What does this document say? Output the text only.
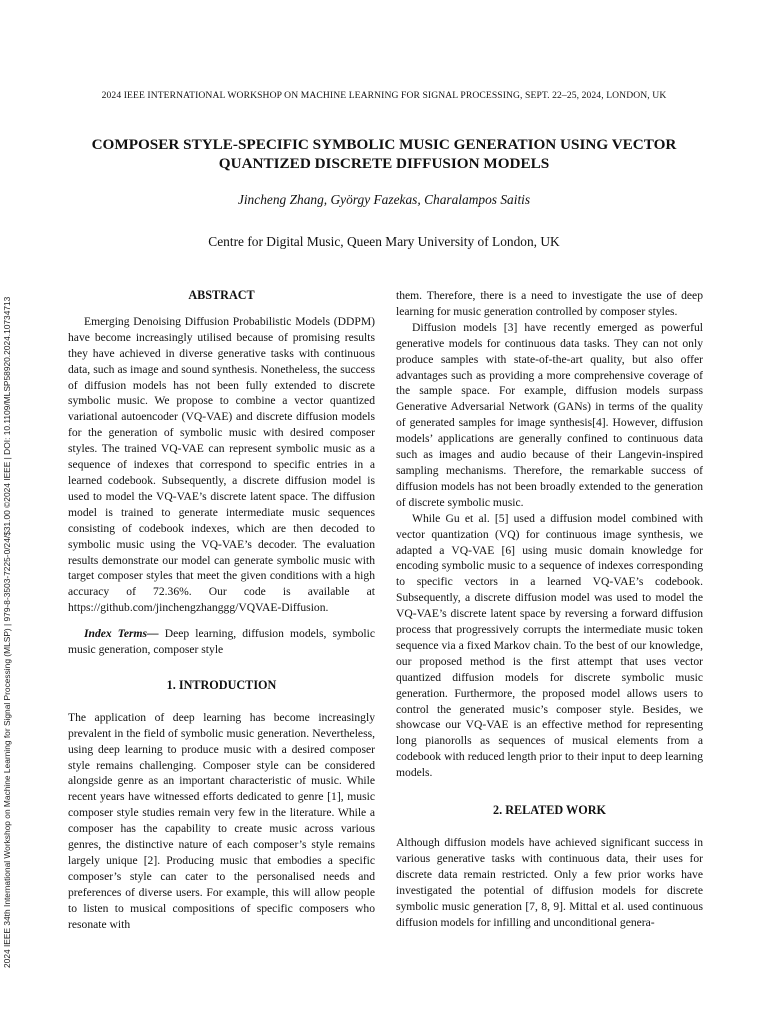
2024 IEEE INTERNATIONAL WORKSHOP ON MACHINE LEARNING FOR SIGNAL PROCESSING, SEPT. 22–25, 2024, LONDON, UK
2024 IEEE 34th International Workshop on Machine Learning for Signal Processing (MLSP) | 979-8-3503-7225-0/24/$31.00 ©2024 IEEE | DOI: 10.1109/MLSP58920.2024.10734713
COMPOSER STYLE-SPECIFIC SYMBOLIC MUSIC GENERATION USING VECTOR QUANTIZED DISCRETE DIFFUSION MODELS
Jincheng Zhang, György Fazekas, Charalampos Saitis
Centre for Digital Music, Queen Mary University of London, UK
ABSTRACT

Emerging Denoising Diffusion Probabilistic Models (DDPM) have become increasingly utilised because of promising results they have achieved in diverse generative tasks with continuous data, such as image and sound synthesis. Nonetheless, the success of diffusion models has not been fully extended to discrete symbolic music. We propose to combine a vector quantized variational autoencoder (VQ-VAE) and discrete diffusion models for the generation of symbolic music with desired composer styles. The trained VQ-VAE can represent symbolic music as a sequence of indexes that correspond to specific entries in a learned codebook. Subsequently, a discrete diffusion model is used to model the VQ-VAE’s discrete latent space. The diffusion model is trained to generate intermediate music sequences consisting of codebook indexes, which are then decoded to symbolic music using the VQ-VAE’s decoder. The evaluation results demonstrate our model can generate symbolic music with target composer styles that meet the given conditions with a high accuracy of 72.36%. Our code is available at https://github.com/jinchengzhanggg/VQVAE-Diffusion.

Index Terms— Deep learning, diffusion models, symbolic music generation, composer style

1. INTRODUCTION

The application of deep learning has become increasingly prevalent in the field of symbolic music generation. Nevertheless, using deep learning to produce music with a desired composer style remains challenging. Composer style can be considered alongside genre as an important characteristic of music. While recent years have witnessed efforts dedicated to genre [1], music composer style studies remain very few in the literature. While a composer has the capability to create music across various genres, the distinctive nature of each composer’s style remains largely unique [2]. Producing music that embodies a specific composer’s style can cater to the personalised needs and preferences of diverse users. For example, this will allow people to listen to musical compositions of specific composers who resonate with

them. Therefore, there is a need to investigate the use of deep learning for music generation controlled by composer styles.

Diffusion models [3] have recently emerged as powerful generative models for continuous data tasks. They can not only produce samples with state-of-the-art quality, but also offer advantages such as providing a more comprehensive coverage of the sample space. For example, diffusion models surpass Generative Adversarial Network (GANs) in terms of the quality of generated samples for image synthesis[4]. However, diffusion models’ applications are generally confined to continuous data such as images and audio because of their Langevin-inspired sampling mechanisms. Therefore, the remarkable success of diffusion models has not been broadly extended to the generation of discrete symbolic music.

While Gu et al. [5] used a diffusion model combined with vector quantization (VQ) for continuous image synthesis, we adapted a VQ-VAE [6] using music domain knowledge for encoding symbolic music to a sequence of indexes corresponding to specific vectors in a learned VQ-VAE’s codebook. Subsequently, a discrete diffusion model was used to model the VQ-VAE’s discrete latent space by reversing a forward diffusion process that progressively corrupts the intermediate music token sequence via a fixed Markov chain. To the best of our knowledge, our proposed method is the first attempt that uses vector quantized diffusion models for discrete symbolic music generation. Furthermore, the proposed model allows users to control the generated music’s composer style. Besides, we showcase our VQ-VAE is an effective method for representing long pianorolls as sequences of musical elements from a codebook with reduced length prior to their input to deep learning models.

2. RELATED WORK

Although diffusion models have achieved significant success in various generative tasks with continuous data, their uses for discrete data remain restricted. Only a few prior works have investigated the potential of diffusion models for discrete symbolic music generation [7, 8, 9]. Mittal et al. used continuous diffusion models for infilling and unconditional genera-
